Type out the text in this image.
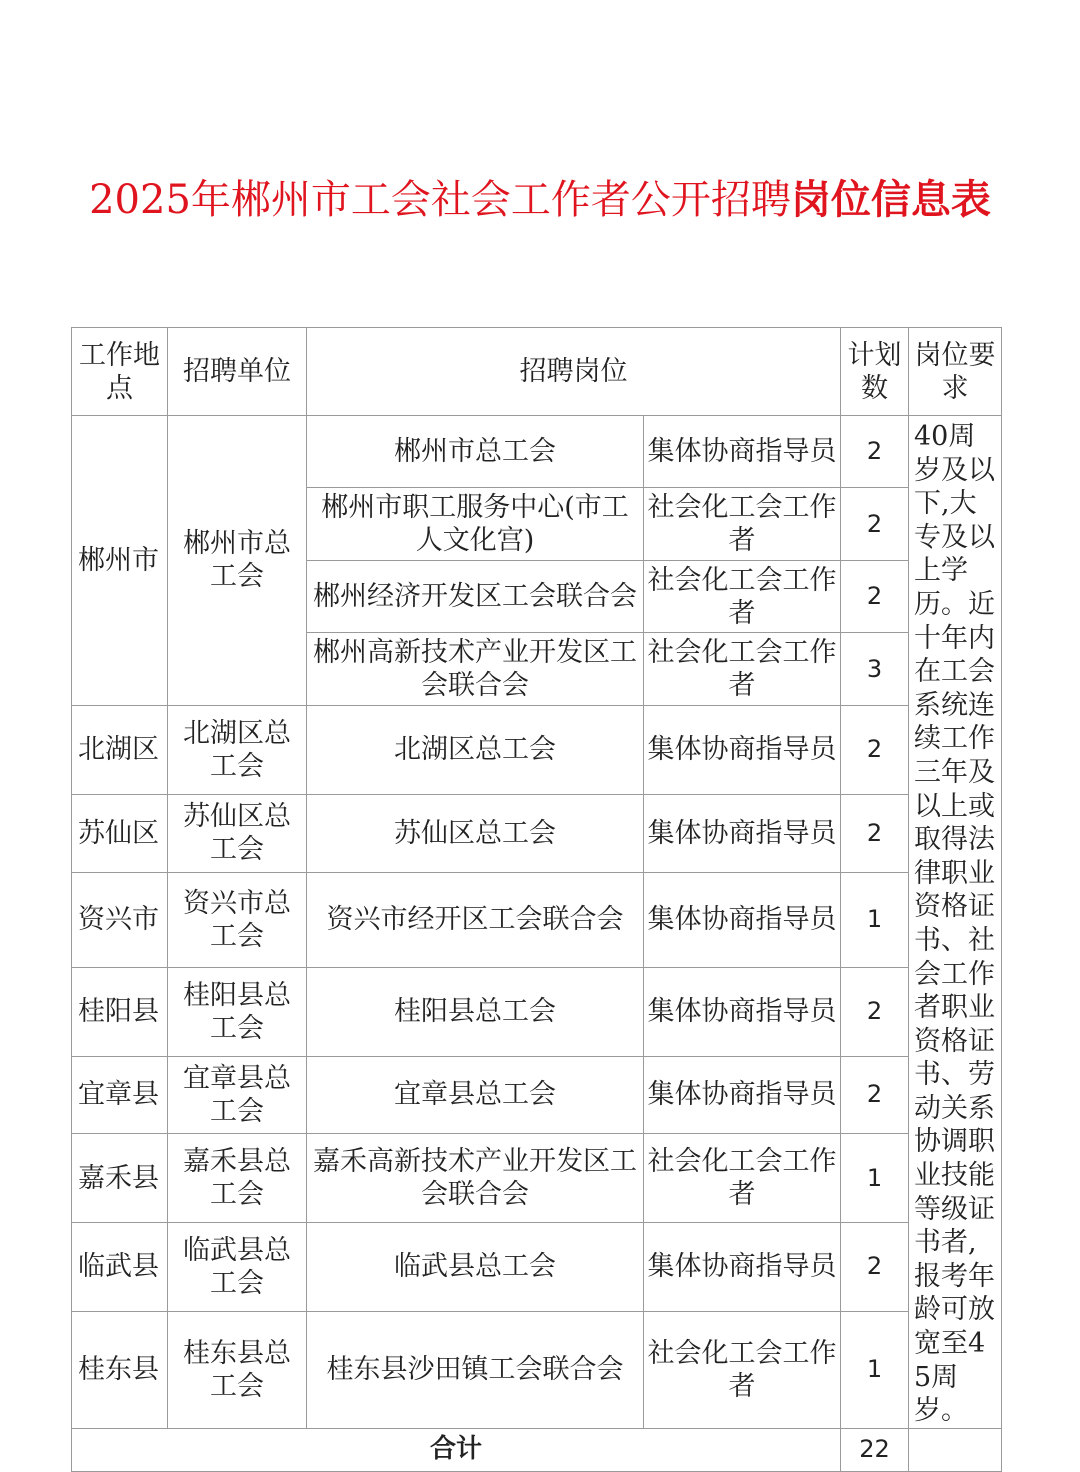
2025年郴州市工会社会工作者公开招聘岗位信息表
工作地点	招聘单位	招聘岗位		计划数	岗位要求
郴州市	郴州市总工会	郴州市总工会	集体协商指导员	2	40周岁及以下,大专及以上学历。近十年内在工会系统连续工作三年及以上或取得法律职业资格证书、社会工作者职业资格证书、劳动关系协调职业技能等级证书者,报考年龄可放宽至45周岁。
		郴州市职工服务中心(市工人文化宫)	社会化工会工作者	2	
		郴州经济开发区工会联合会	社会化工会工作者	2	
		郴州高新技术产业开发区工会联合会	社会化工会工作者	3	
北湖区	北湖区总工会	北湖区总工会	集体协商指导员	2	
苏仙区	苏仙区总工会	苏仙区总工会	集体协商指导员	2	
资兴市	资兴市总工会	资兴市经开区工会联合会	集体协商指导员	1	
桂阳县	桂阳县总工会	桂阳县总工会	集体协商指导员	2	
宜章县	宜章县总工会	宜章县总工会	集体协商指导员	2	
嘉禾县	嘉禾县总工会	嘉禾高新技术产业开发区工会联合会	社会化工会工作者	1	
临武县	临武县总工会	临武县总工会	集体协商指导员	2	
桂东县	桂东县总工会	桂东县沙田镇工会联合会	社会化工会工作者	1	
合计				22	
